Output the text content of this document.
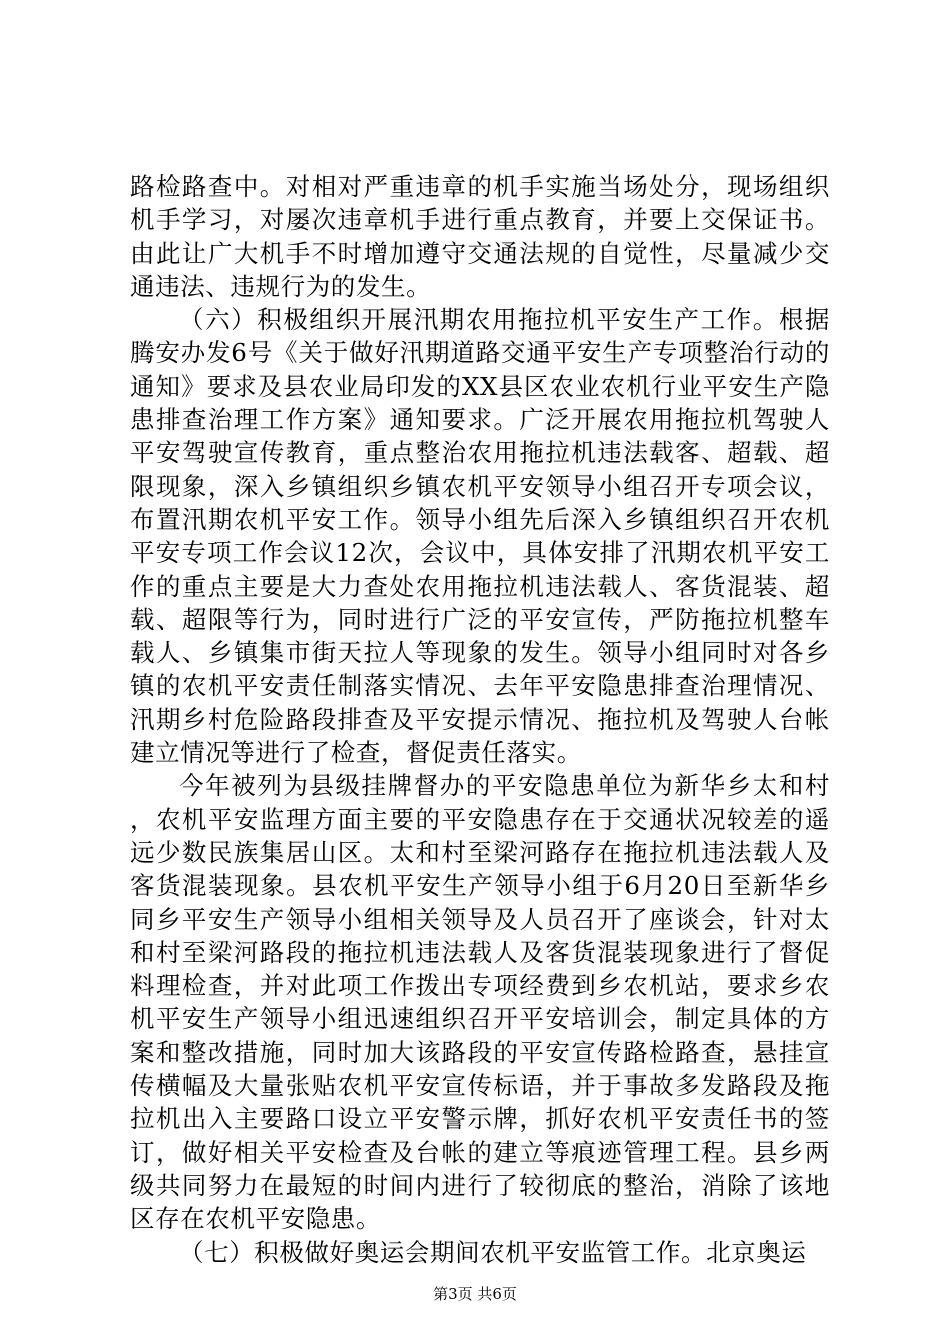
路检路查中。对相对严重违章的机手实施当场处分，现场组织机手学习，对屡次违章机手进行重点教育，并要上交保证书。由此让广大机手不时增加遵守交通法规的自觉性，尽量减少交通违法、违规行为的发生。

（六）积极组织开展汛期农用拖拉机平安生产工作。根据腾安办发6号《关于做好汛期道路交通平安生产专项整治行动的通知》要求及县农业局印发的XX县区农业农机行业平安生产隐患排查治理工作方案》通知要求。广泛开展农用拖拉机驾驶人平安驾驶宣传教育，重点整治农用拖拉机违法载客、超载、超限现象，深入乡镇组织乡镇农机平安领导小组召开专项会议，布置汛期农机平安工作。领导小组先后深入乡镇组织召开农机平安专项工作会议12次，会议中，具体安排了汛期农机平安工作的重点主要是大力查处农用拖拉机违法载人、客货混装、超载、超限等行为，同时进行广泛的平安宣传，严防拖拉机整车载人、乡镇集市街天拉人等现象的发生。领导小组同时对各乡镇的农机平安责任制落实情况、去年平安隐患排查治理情况、汛期乡村危险路段排查及平安提示情况、拖拉机及驾驶人台帐建立情况等进行了检查，督促责任落实。

今年被列为县级挂牌督办的平安隐患单位为新华乡太和村，农机平安监理方面主要的平安隐患存在于交通状况较差的遥远少数民族集居山区。太和村至梁河路存在拖拉机违法载人及客货混装现象。县农机平安生产领导小组于6月20日至新华乡同乡平安生产领导小组相关领导及人员召开了座谈会，针对太和村至梁河路段的拖拉机违法载人及客货混装现象进行了督促料理检查，并对此项工作拨出专项经费到乡农机站，要求乡农机平安生产领导小组迅速组织召开平安培训会，制定具体的方案和整改措施，同时加大该路段的平安宣传路检路查，悬挂宣传横幅及大量张贴农机平安宣传标语，并于事故多发路段及拖拉机出入主要路口设立平安警示牌，抓好农机平安责任书的签订，做好相关平安检查及台帐的建立等痕迹管理工程。县乡两级共同努力在最短的时间内进行了较彻底的整治，消除了该地区存在农机平安隐患。

（七）积极做好奥运会期间农机平安监管工作。北京奥运

第3页 共6页
